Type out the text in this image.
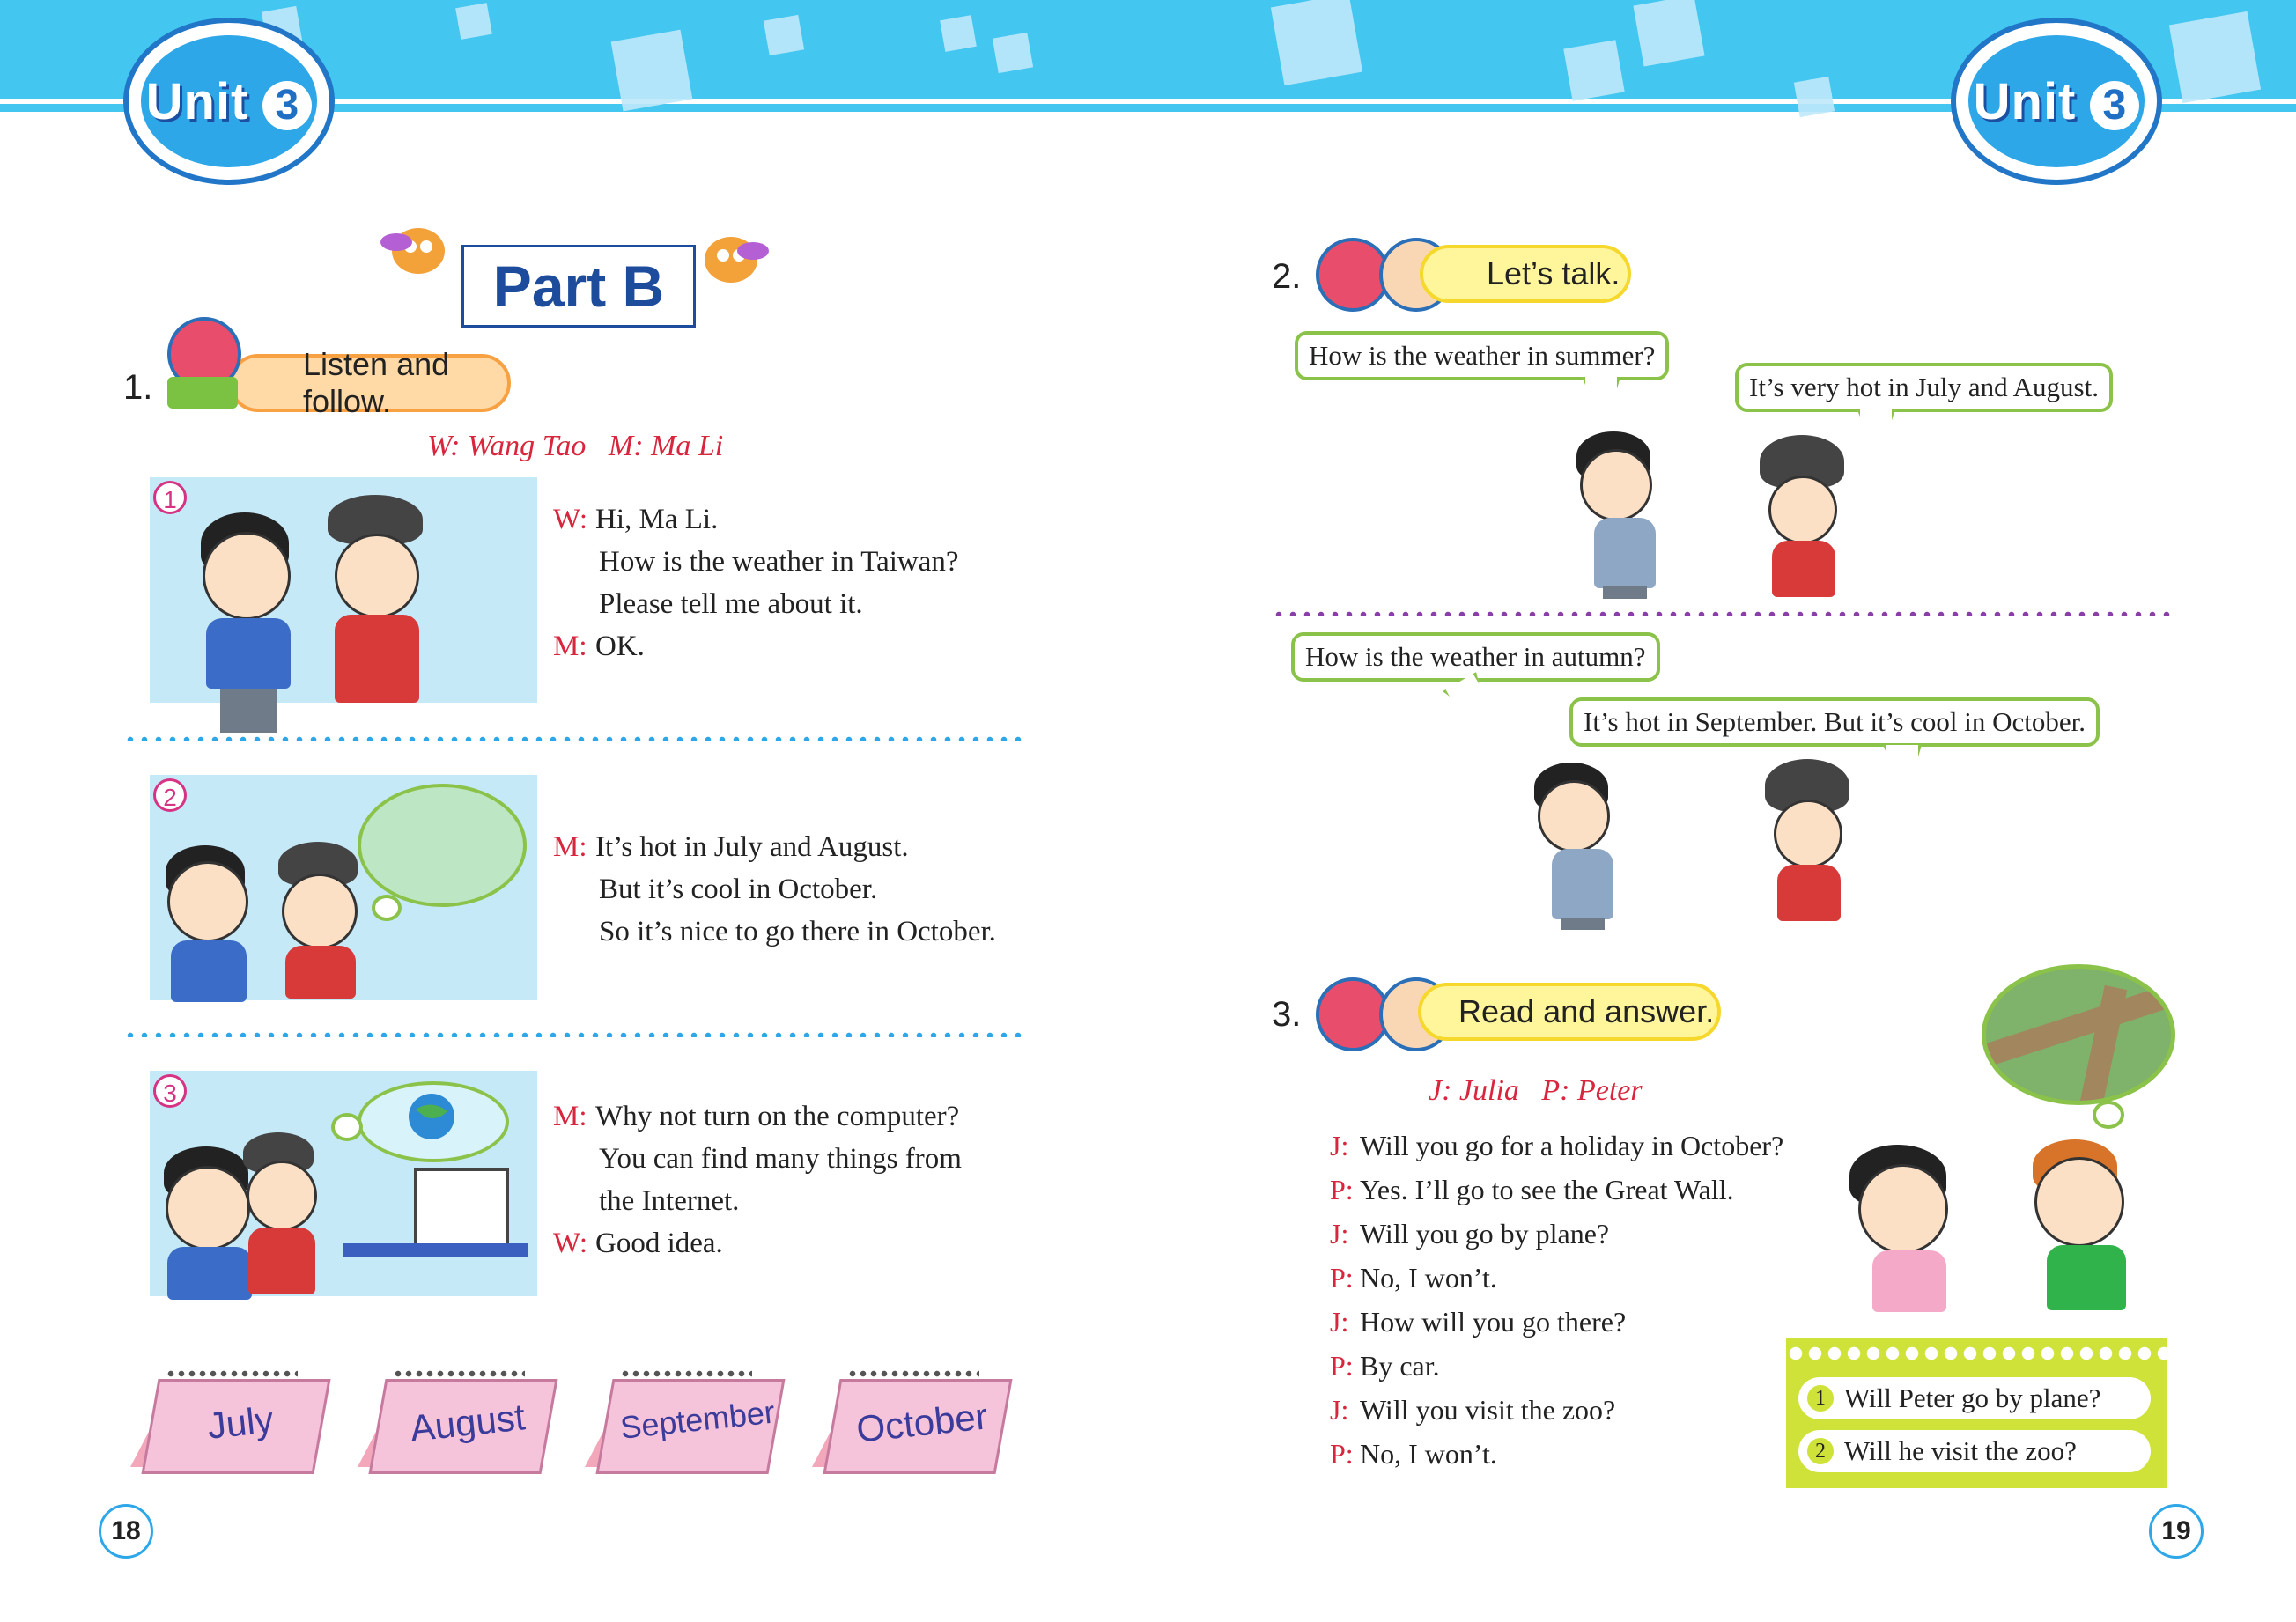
Unit 3	Unit 3
Part B
1.
Listen and follow.
W: Wang Tao   M: Ma Li
1
W: Hi, Ma Li.
How is the weather in Taiwan?
Please tell me about it.
M: OK.
2
M: It’s hot in July and August.
But it’s cool in October.
So it’s nice to go there in October.
3
M: Why not turn on the computer?
You can find many things from
the Internet.
W: Good idea.
July	August	September October
18
2.	Let’s talk.
How is the weather in summer?
It’s very hot in July and August.
How is the weather in autumn?
It’s hot in September. But it’s cool in October.
3.	Read and answer.
J: Julia   P: Peter
J: Will you go for a holiday in October?
P: Yes. I’ll go to see the Great Wall.
J: Will you go by plane?
P: No, I won’t.
J: How will you go there?
P: By car.
J: Will you visit the zoo?
P: No, I won’t.
1 Will Peter go by plane?
2 Will he visit the zoo?
19
